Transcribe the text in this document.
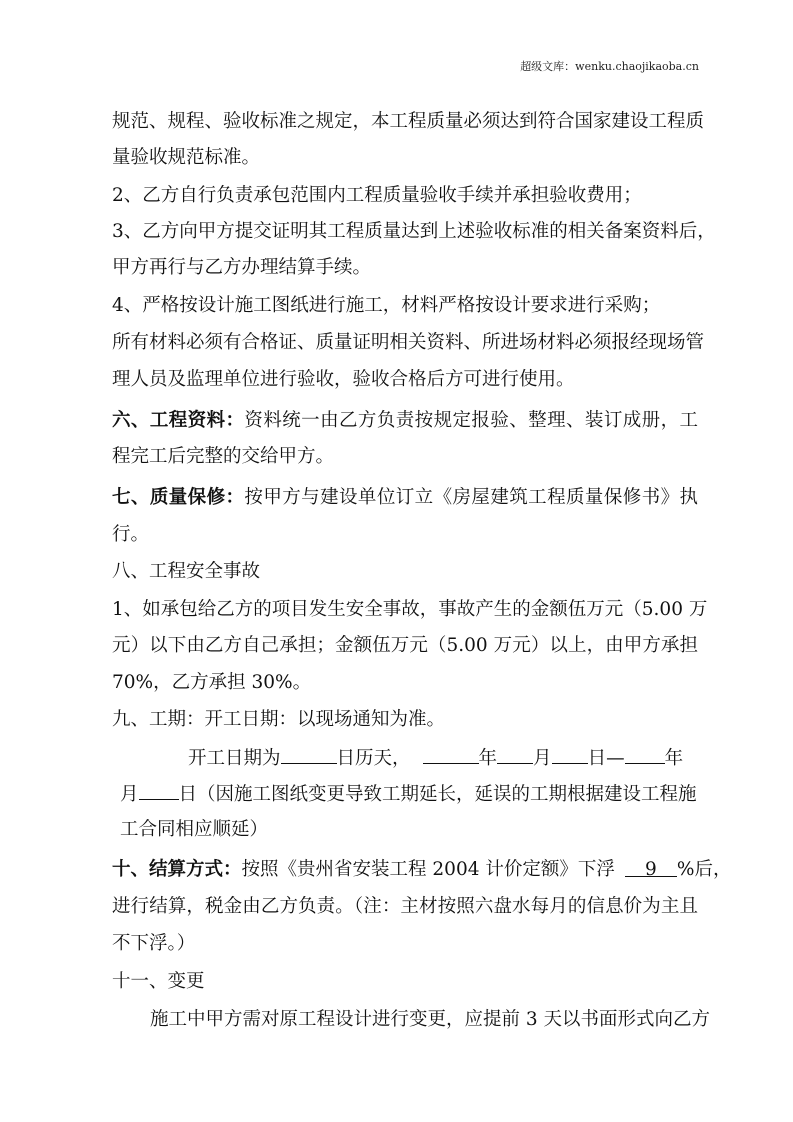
超级文库：wenku.chaojikaoba.cn
规范、规程、验收标准之规定，本工程质量必须达到符合国家建设工程质
量验收规范标准。
2、乙方自行负责承包范围内工程质量验收手续并承担验收费用；
3、乙方向甲方提交证明其工程质量达到上述验收标准的相关备案资料后，
甲方再行与乙方办理结算手续。
4、严格按设计施工图纸进行施工，材料严格按设计要求进行采购；
所有材料必须有合格证、质量证明相关资料、所进场材料必须报经现场管
理人员及监理单位进行验收，验收合格后方可进行使用。
六、工程资料：资料统一由乙方负责按规定报验、整理、装订成册，工
程完工后完整的交给甲方。
七、质量保修：按甲方与建设单位订立《房屋建筑工程质量保修书》执
行。
八、工程安全事故
1、如承包给乙方的项目发生安全事故，事故产生的金额伍万元（5.00 万
元）以下由乙方自己承担；金额伍万元（5.00 万元）以上，由甲方承担
70%，乙方承担 30%。
九、工期：开工日期：以现场通知为准。
开工日期为	日历天，	年 月 日— 年
月 日（因施工图纸变更导致工期延长，延误的工期根据建设工程施
工合同相应顺延）
十、结算方式：按照《贵州省安装工程 2004 计价定额》下浮 9 %后，
进行结算，税金由乙方负责。（注：主材按照六盘水每月的信息价为主且
不下浮。）
十一、变更
施工中甲方需对原工程设计进行变更，应提前 3 天以书面形式向乙方
